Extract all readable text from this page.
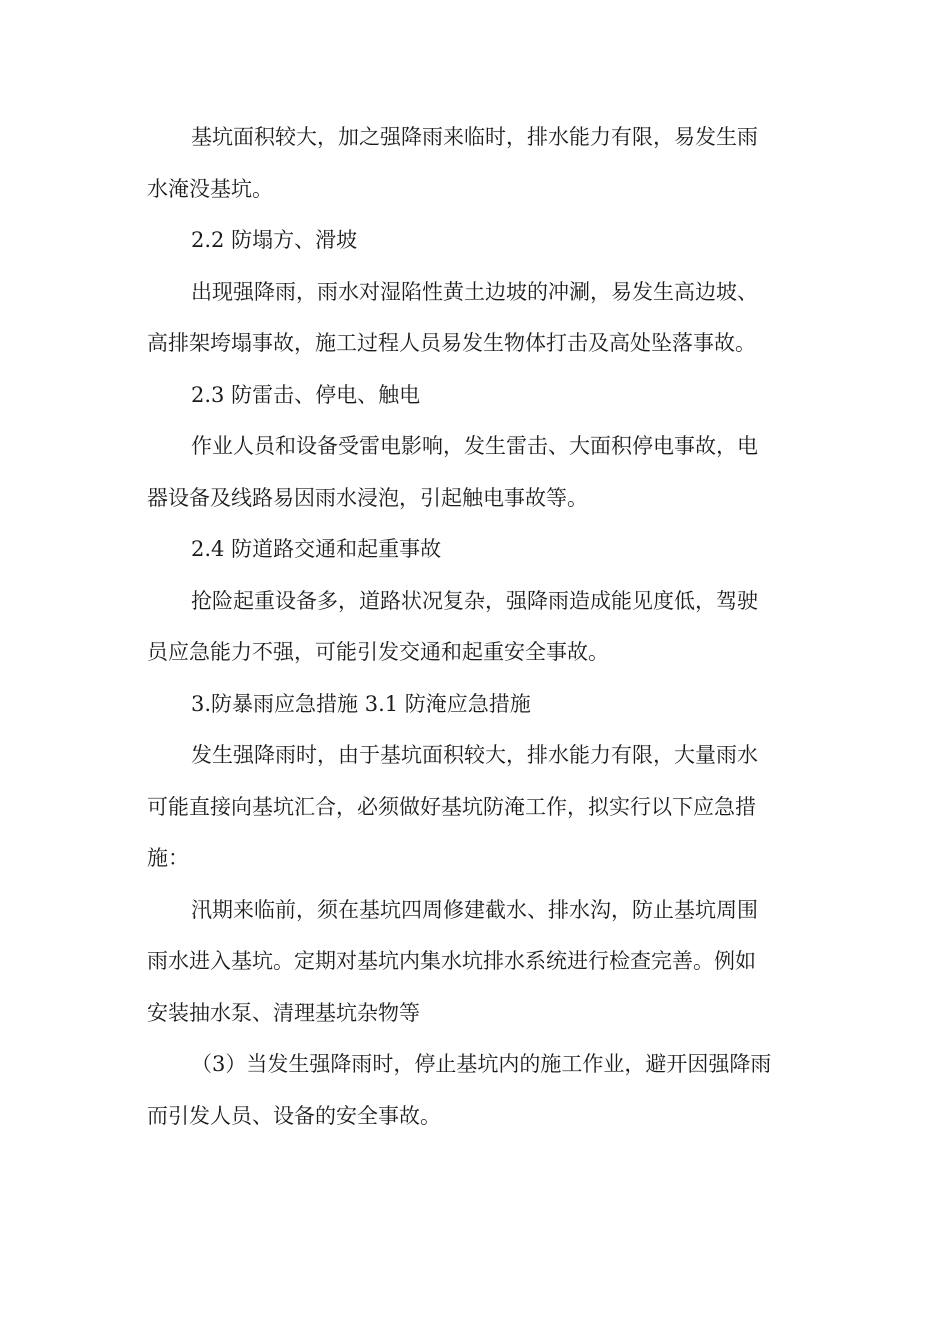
基坑面积较大，加之强降雨来临时，排水能力有限，易发生雨
水淹没基坑。

2.2 防塌方、滑坡

出现强降雨，雨水对湿陷性黄土边坡的冲涮，易发生高边坡、
高排架垮塌事故，施工过程人员易发生物体打击及高处坠落事故。

2.3 防雷击、停电、触电

作业人员和设备受雷电影响，发生雷击、大面积停电事故，电
器设备及线路易因雨水浸泡，引起触电事故等。

2.4 防道路交通和起重事故

抢险起重设备多，道路状况复杂，强降雨造成能见度低，驾驶
员应急能力不强，可能引发交通和起重安全事故。

3.防暴雨应急措施 3.1 防淹应急措施

发生强降雨时，由于基坑面积较大，排水能力有限，大量雨水
可能直接向基坑汇合，必须做好基坑防淹工作，拟实行以下应急措
施：

汛期来临前，须在基坑四周修建截水、排水沟，防止基坑周围
雨水进入基坑。定期对基坑内集水坑排水系统进行检查完善。例如
安装抽水泵、清理基坑杂物等

（3）当发生强降雨时，停止基坑内的施工作业，避开因强降雨
而引发人员、设备的安全事故。
